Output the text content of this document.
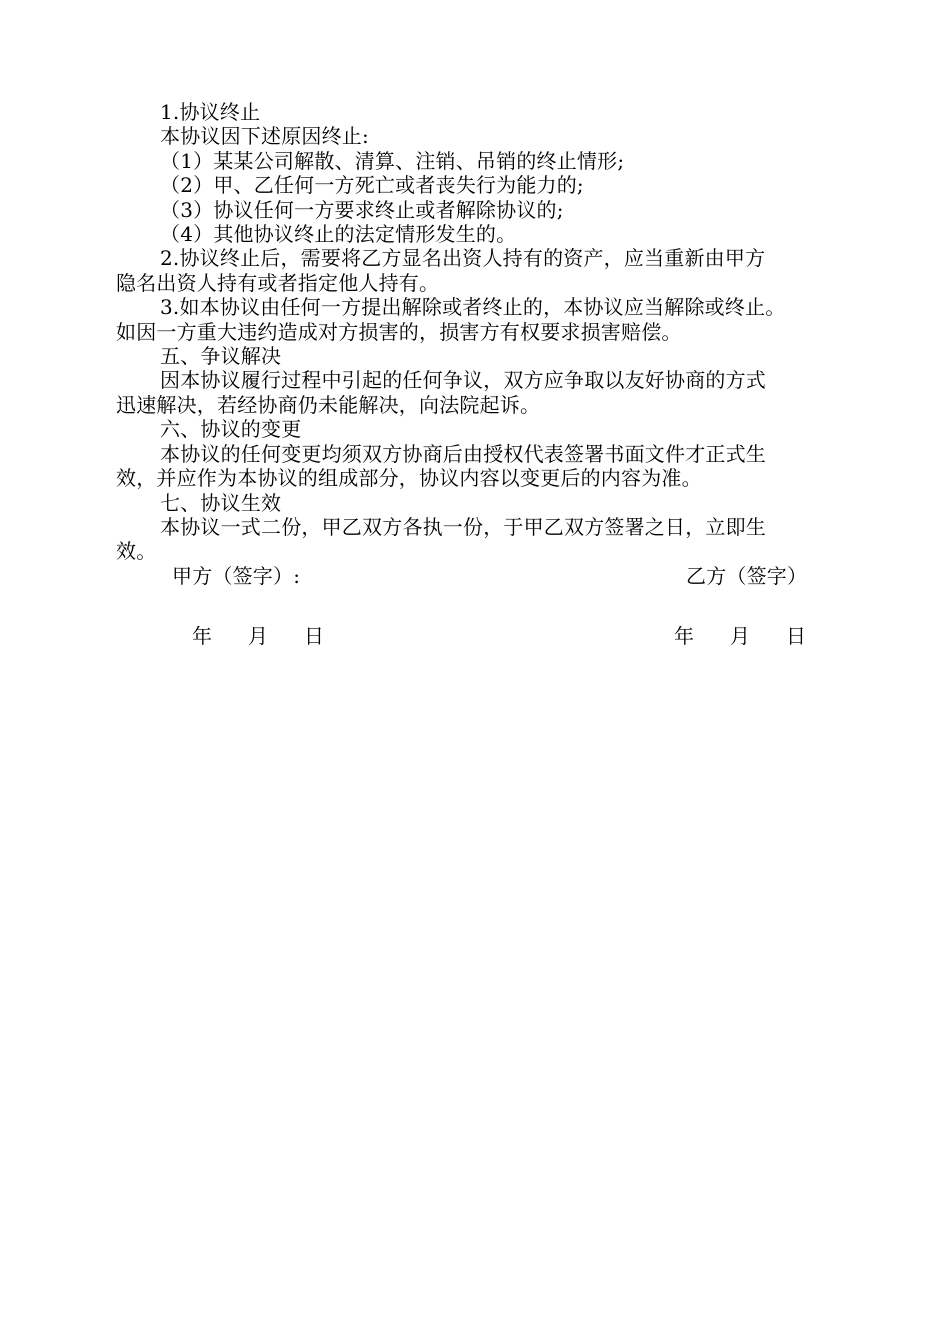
1.协议终止

本协议因下述原因终止:

（1）某某公司解散、清算、注销、吊销的终止情形;

（2）甲、乙任何一方死亡或者丧失行为能力的;

（3）协议任何一方要求终止或者解除协议的;

（4）其他协议终止的法定情形发生的。

2.协议终止后，需要将乙方显名出资人持有的资产，应当重新由甲方

隐名出资人持有或者指定他人持有。

3.如本协议由任何一方提出解除或者终止的，本协议应当解除或终止。

如因一方重大违约造成对方损害的，损害方有权要求损害赔偿。

五、争议解决

因本协议履行过程中引起的任何争议，双方应争取以友好协商的方式

迅速解决，若经协商仍未能解决，向法院起诉。

六、协议的变更

本协议的任何变更均须双方协商后由授权代表签署书面文件才正式生

效，并应作为本协议的组成部分，协议内容以变更后的内容为准。

七、协议生效

本协议一式二份，甲乙双方各执一份，于甲乙双方签署之日，立即生

效。

甲方（签字）:	乙方（签字）
年 月 日	年 月 日
